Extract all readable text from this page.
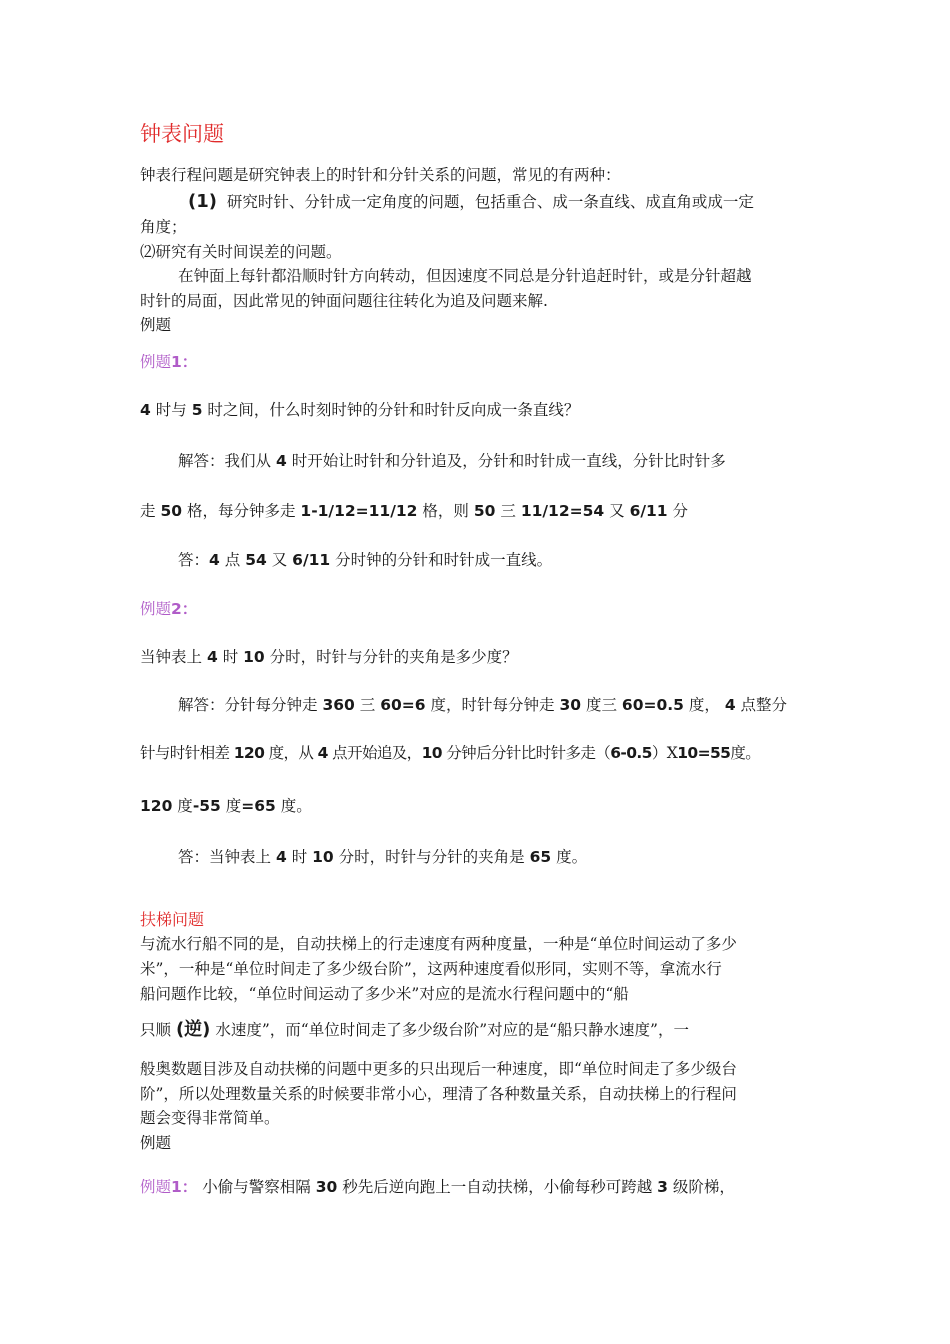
钟表问题
钟表行程问题是研究钟表上的时针和分针关系的问题，常见的有两种：
(1) 研究时针、分针成一定角度的问题，包括重合、成一条直线、成直角或成一定
角度；
⑵研究有关时间误差的问题。
在钟面上每针都沿顺时针方向转动，但因速度不同总是分针追赶时针，或是分针超越
时针的局面，因此常见的钟面问题往往转化为追及问题来解.
例题
例题1：
4 时与 5 时之间，什么时刻时钟的分针和时针反向成一条直线？
解答：我们从 4 时开始让时针和分针追及，分针和时针成一直线，分针比时针多
走 50 格，每分钟多走 1-1/12=11/12 格，则 50 三 11/12=54 又 6/11 分
答：4 点 54 又 6/11 分时钟的分针和时针成一直线。
例题2：
当钟表上 4 时 10 分时，时针与分针的夹角是多少度？
解答：分针每分钟走 360 三 60=6 度，时针每分钟走 30 度三 60=0.5 度， 4 点整分
针与时针相差 120 度，从 4 点开始追及，10 分钟后分针比时针多走（6-0.5）X10=55度。
120 度-55 度=65 度。
答：当钟表上 4 时 10 分时，时针与分针的夹角是 65 度。
扶梯问题
与流水行船不同的是，自动扶梯上的行走速度有两种度量，一种是“单位时间运动了多少
米”，一种是“单位时间走了多少级台阶”，这两种速度看似形同，实则不等，拿流水行
船问题作比较，“单位时间运动了多少米”对应的是流水行程问题中的“船
只顺 (逆) 水速度”，而“单位时间走了多少级台阶”对应的是“船只静水速度”，一
般奥数题目涉及自动扶梯的问题中更多的只出现后一种速度，即“单位时间走了多少级台
阶”，所以处理数量关系的时候要非常小心，理清了各种数量关系，自动扶梯上的行程问
题会变得非常简单。
例题
例题1： 小偷与警察相隔 30 秒先后逆向跑上一自动扶梯，小偷每秒可跨越 3 级阶梯，
